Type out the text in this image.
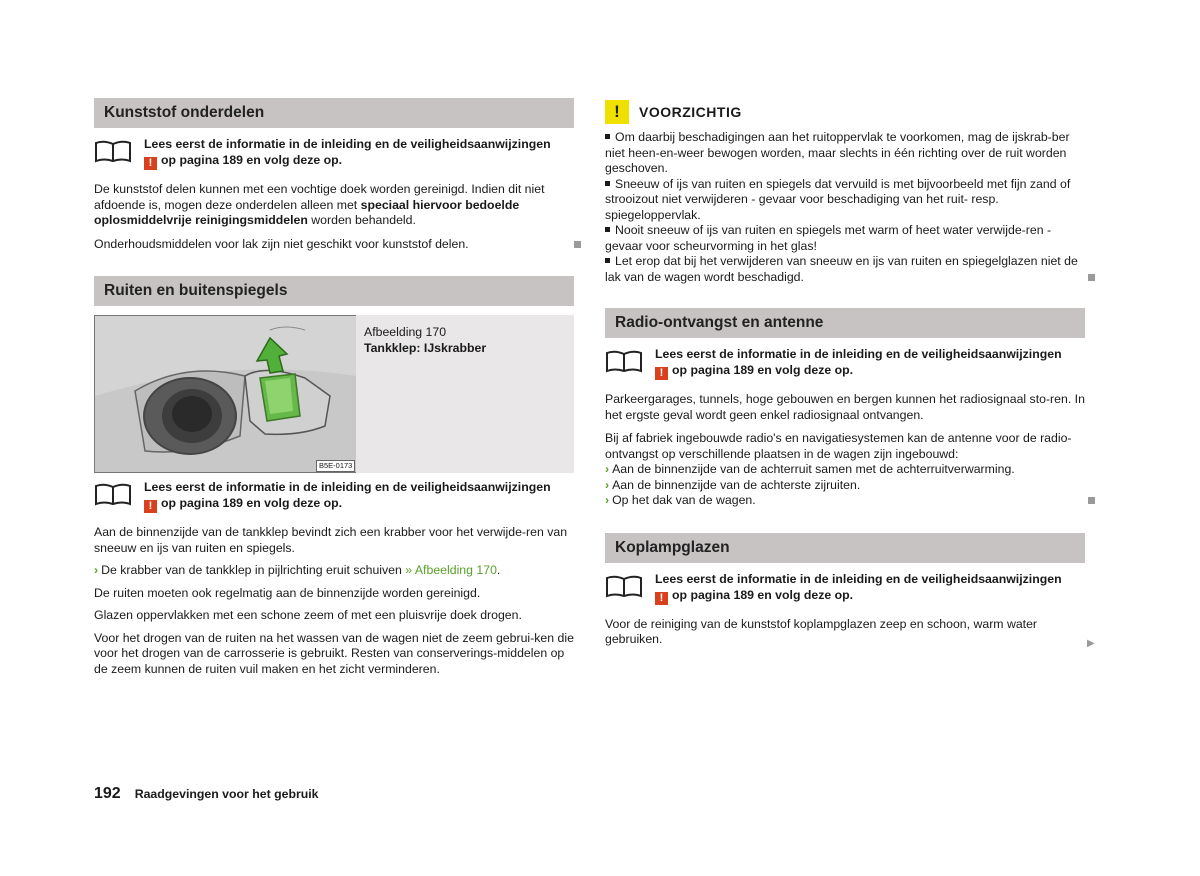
Kunststof onderdelen
Lees eerst de informatie in de inleiding en de veiligheidsaanwijzingen
! op pagina 189 en volg deze op.

De kunststof delen kunnen met een vochtige doek worden gereinigd. Indien dit niet afdoende is, mogen deze onderdelen alleen met speciaal hiervoor bedoelde oplosmiddelvrije reinigingsmiddelen worden behandeld.

Onderhoudsmiddelen voor lak zijn niet geschikt voor kunststof delen.

Ruiten en buitenspiegels
Afbeelding 170
Tankklep: IJskrabber
B5E-0173
Lees eerst de informatie in de inleiding en de veiligheidsaanwijzingen
! op pagina 189 en volg deze op.

Aan de binnenzijde van de tankklep bevindt zich een krabber voor het verwijde-ren van sneeuw en ijs van ruiten en spiegels.

› De krabber van de tankklep in pijlrichting eruit schuiven » Afbeelding 170.

De ruiten moeten ook regelmatig aan de binnenzijde worden gereinigd.

Glazen oppervlakken met een schone zeem of met een pluisvrije doek drogen.

Voor het drogen van de ruiten na het wassen van de wagen niet de zeem gebrui-ken die voor het drogen van de carrosserie is gebruikt. Resten van conserverings-middelen op de zeem kunnen de ruiten vuil maken en het zicht verminderen.

!	VOORZICHTIG

Om daarbij beschadigingen aan het ruitoppervlak te voorkomen, mag de ijskrab-ber niet heen-en-weer bewogen worden, maar slechts in één richting over de ruit worden geschoven.

Sneeuw of ijs van ruiten en spiegels dat vervuild is met bijvoorbeeld met fijn zand of strooizout niet verwijderen - gevaar voor beschadiging van het ruit- resp. spiegeloppervlak.

Nooit sneeuw of ijs van ruiten en spiegels met warm of heet water verwijde-ren - gevaar voor scheurvorming in het glas!

Let erop dat bij het verwijderen van sneeuw en ijs van ruiten en spiegelglazen niet de lak van de wagen wordt beschadigd.

Radio-ontvangst en antenne
Lees eerst de informatie in de inleiding en de veiligheidsaanwijzingen
! op pagina 189 en volg deze op.

Parkeergarages, tunnels, hoge gebouwen en bergen kunnen het radiosignaal sto-ren. In het ergste geval wordt geen enkel radiosignaal ontvangen.

Bij af fabriek ingebouwde radio's en navigatiesystemen kan de antenne voor de radio-ontvangst op verschillende plaatsen in de wagen zijn ingebouwd:

› Aan de binnenzijde van de achterruit samen met de achterruitverwarming.

› Aan de binnenzijde van de achterste zijruiten.

› Op het dak van de wagen.

Koplampglazen
Lees eerst de informatie in de inleiding en de veiligheidsaanwijzingen
! op pagina 189 en volg deze op.

Voor de reiniging van de kunststof koplampglazen zeep en schoon, warm water gebruiken.	▶

192 Raadgevingen voor het gebruik
